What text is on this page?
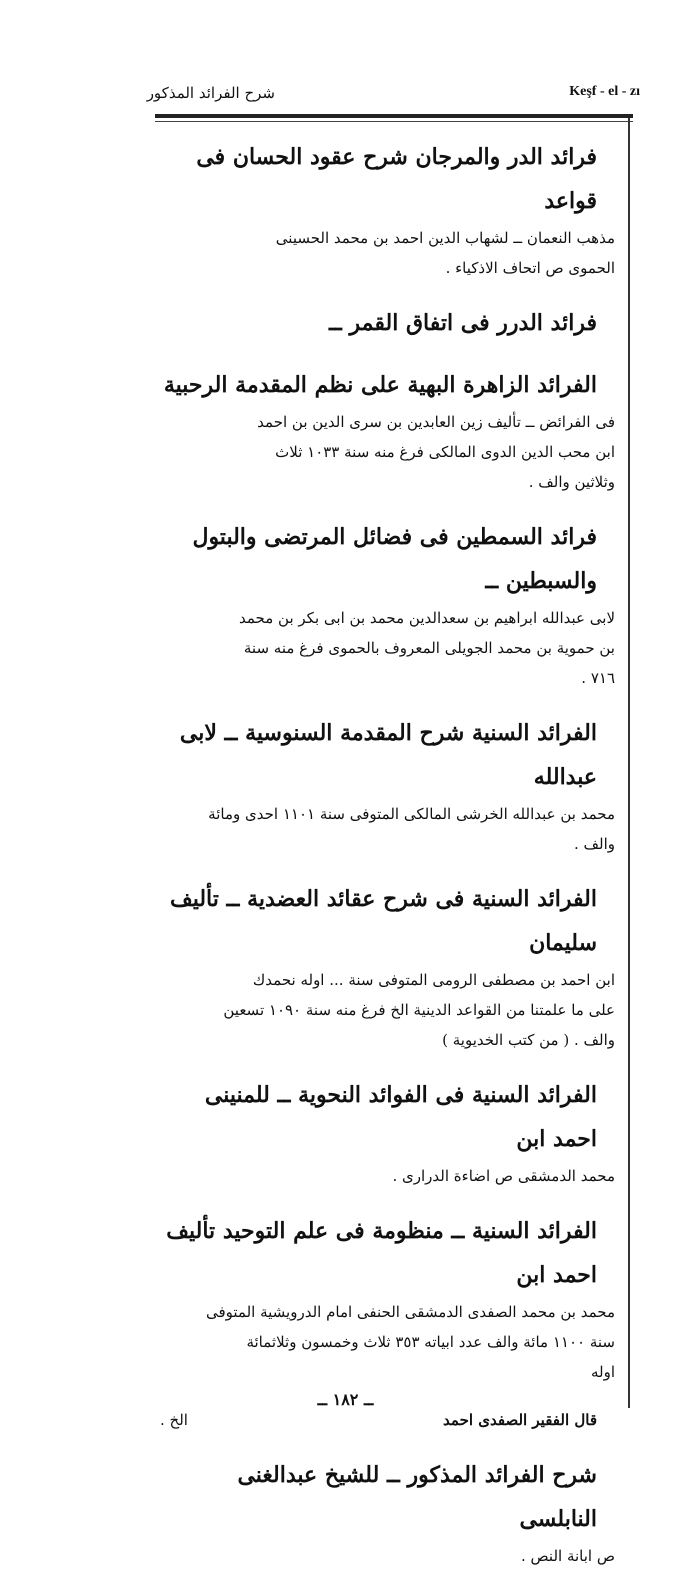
شرح الفرائد المذكور	Keşf - el - zı

فرائد الدر والمرجان شرح عقود الحسان فى قواعد

مذهب النعمان ــ لشهاب الدين احمد بن محمد الحسينى

الحموى ص اتحاف الاذكياء .

فرائد الدرر فى اتفاق القمر ــ

الفرائد الزاهرة البهية على نظم المقدمة الرحبية

فى الفرائض ــ تأليف زين العابدين بن سرى الدين بن احمد

ابن محب الدين الدوى المالكى فرغ منه سنة ١٠٣٣ ثلاث

وثلاثين والف .

فرائد السمطين فى فضائل المرتضى والبتول والسبطين ــ

لابى عبدالله ابراهيم بن سعدالدين محمد بن ابى بكر بن محمد

بن حموية بن محمد الجويلى المعروف بالحموى فرغ منه سنة

٧١٦ .

الفرائد السنية شرح المقدمة السنوسية ــ لابى عبدالله

محمد بن عبدالله الخرشى المالكى المتوفى سنة ١١٠١ احدى ومائة

والف .

الفرائد السنية فى شرح عقائد العضدية ــ تأليف سليمان

ابن احمد بن مصطفى الرومى المتوفى سنة ... اوله نحمدك

على ما علمتنا من القواعد الدينية الخ فرغ منه سنة ١٠٩٠ تسعين

والف . ( من كتب الخديوية )

الفرائد السنية فى الفوائد النحوية ــ للمنينى احمد ابن

محمد الدمشقى ص اضاءة الدرارى .

الفرائد السنية ــ منظومة فى علم التوحيد تأليف احمد ابن

محمد بن محمد الصفدى الدمشقى الحنفى امام الدرويشية المتوفى

سنة ١١٠٠ مائة والف عدد ابياته ٣٥٣ ثلاث وخمسون وثلاثمائة

اوله

قال الفقير الصفدى احمد
الخ .

شرح الفرائد المذكور ــ للشيخ عبدالغنى النابلسى

ص ابانة النص .

ــ ١٨٢ ــ
